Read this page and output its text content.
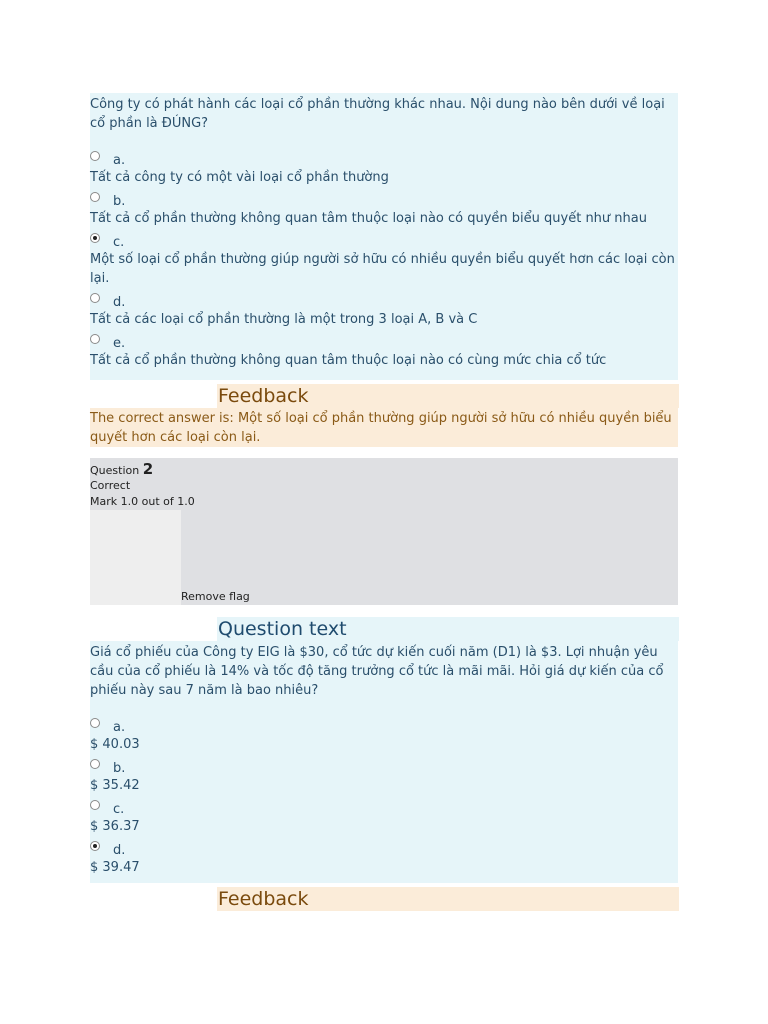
Công ty có phát hành các loại cổ phần thường khác nhau. Nội dung nào bên dưới về loại cổ phần là ĐÚNG?
a.
Tất cả công ty có một vài loại cổ phần thường
b.
Tất cả cổ phần thường không quan tâm thuộc loại nào có quyền biểu quyết như nhau
c.
Một số loại cổ phần thường giúp người sở hữu có nhiều quyền biểu quyết hơn các loại còn lại.
d.
Tất cả các loại cổ phần thường là một trong 3 loại A, B và C
e.
Tất cả cổ phần thường không quan tâm thuộc loại nào có cùng mức chia cổ tức
Feedback
The correct answer is: Một số loại cổ phần thường giúp người sở hữu có nhiều quyền biểu quyết hơn các loại còn lại.
Question 2
Correct
Mark 1.0 out of 1.0
Remove flag
Question text
Giá cổ phiếu của Công ty EIG là $30, cổ tức dự kiến cuối năm (D1) là $3. Lợi nhuận yêu cầu của cổ phiếu là 14% và tốc độ tăng trưởng cổ tức là mãi mãi. Hỏi giá dự kiến của cổ phiếu này sau 7 năm là bao nhiêu?
a.
$ 40.03
b.
$ 35.42
c.
$ 36.37
d.
$ 39.47
Feedback
